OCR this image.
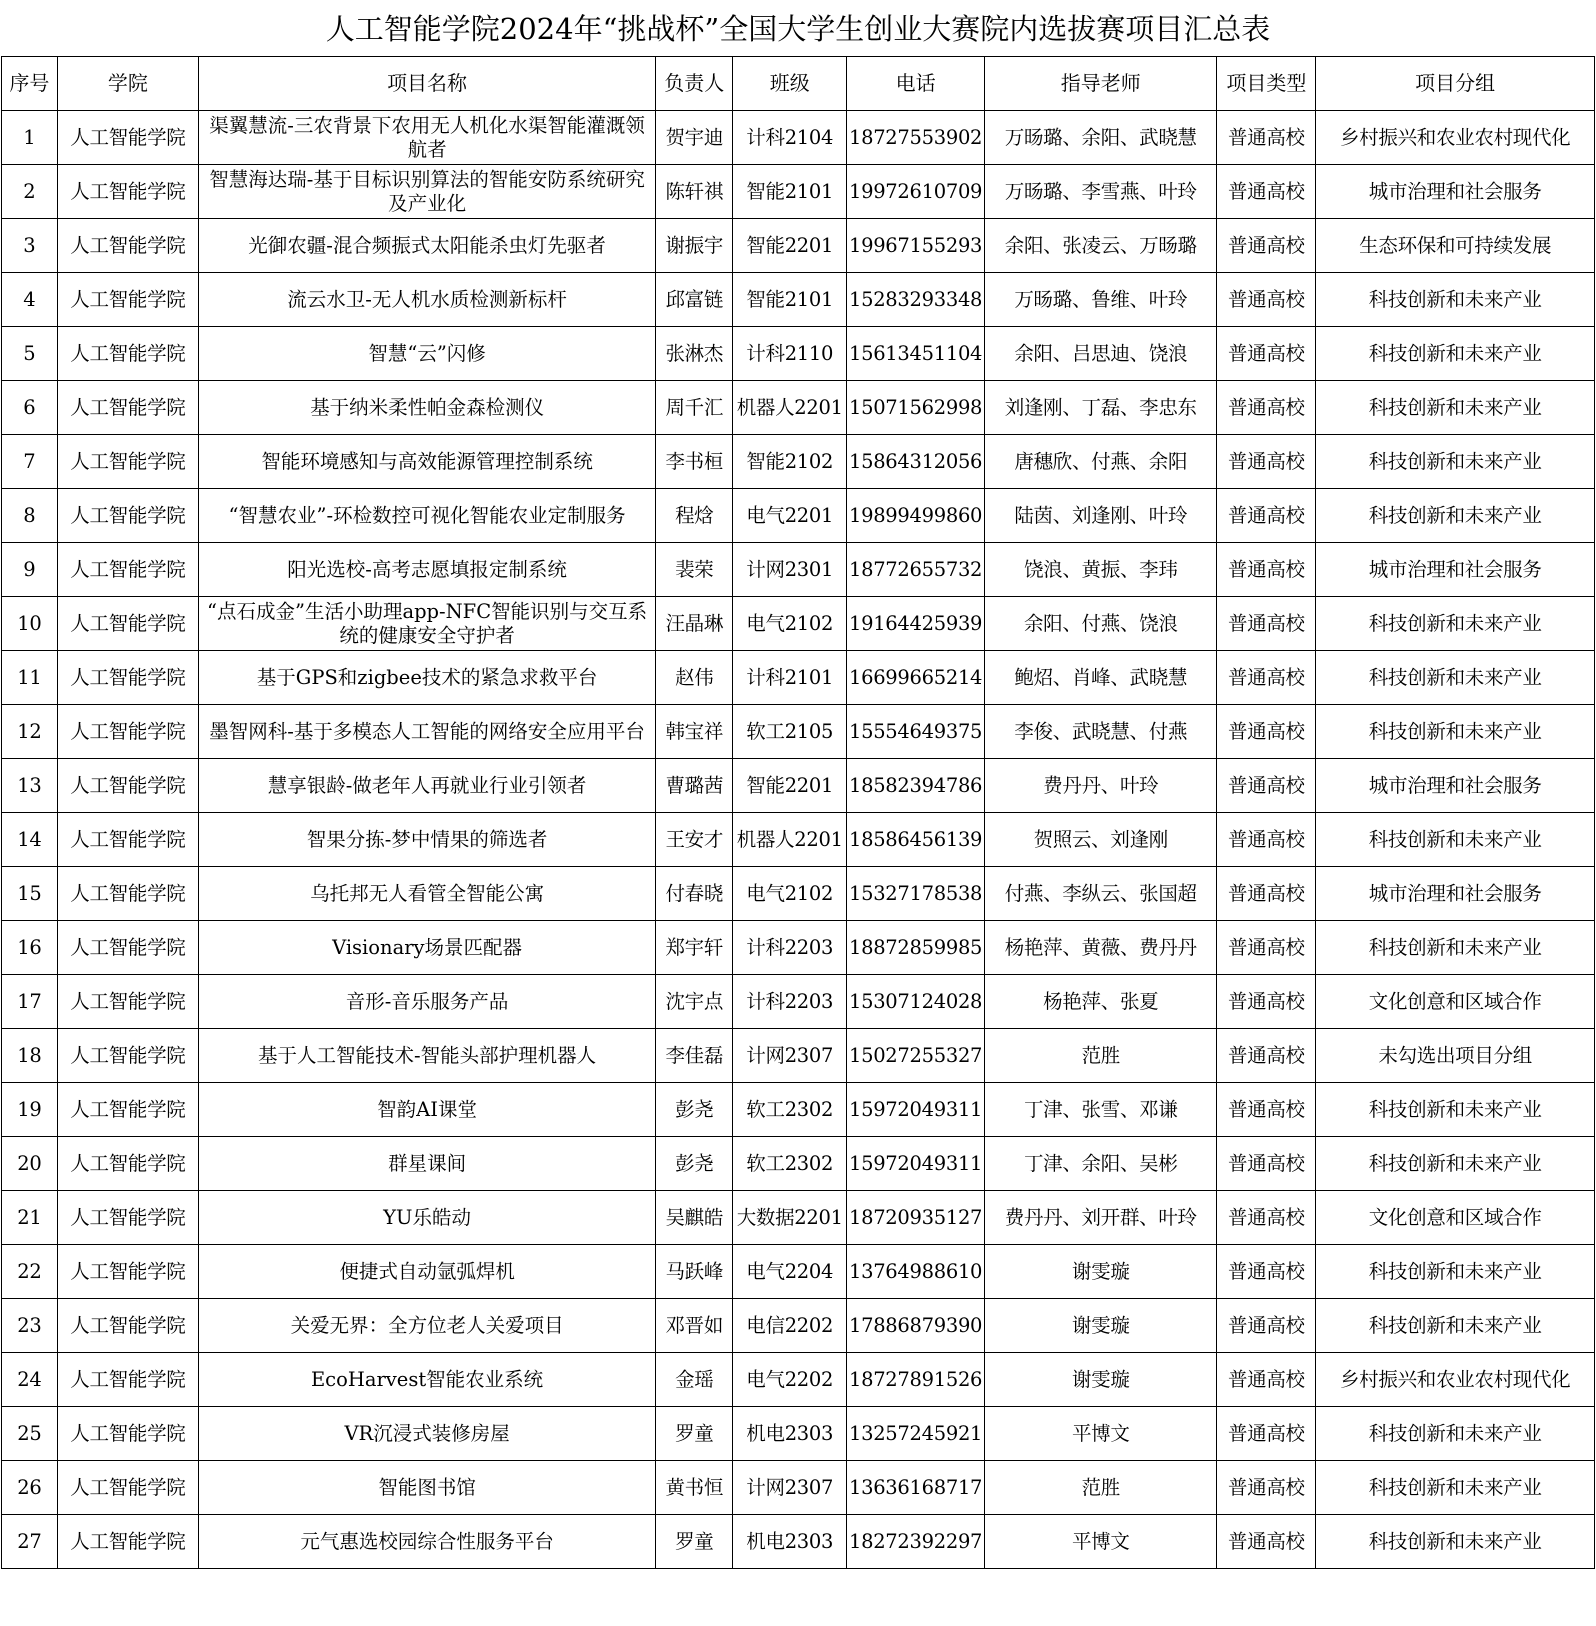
人工智能学院2024年“挑战杯”全国大学生创业大赛院内选拔赛项目汇总表
序号	学院	项目名称	负责人	班级	电话	指导老师	项目类型	项目分组
1	人工智能学院	渠翼慧流-三农背景下农用无人机化水渠智能灌溉领航者	贺宇迪	计科2104	18727553902	万旸璐、余阳、武晓慧	普通高校	乡村振兴和农业农村现代化
2	人工智能学院	智慧海达瑞-基于目标识别算法的智能安防系统研究及产业化	陈轩祺	智能2101	19972610709	万旸璐、李雪燕、叶玲	普通高校	城市治理和社会服务
3	人工智能学院	光御农疆-混合频振式太阳能杀虫灯先驱者	谢振宇	智能2201	19967155293	余阳、张凌云、万旸璐	普通高校	生态环保和可持续发展
4	人工智能学院	流云水卫-无人机水质检测新标杆	邱富链	智能2101	15283293348	万旸璐、鲁维、叶玲	普通高校	科技创新和未来产业
5	人工智能学院	智慧“云”闪修	张淋杰	计科2110	15613451104	余阳、吕思迪、饶浪	普通高校	科技创新和未来产业
6	人工智能学院	基于纳米柔性帕金森检测仪	周千汇	机器人2201	15071562998	刘逢刚、丁磊、李忠东	普通高校	科技创新和未来产业
7	人工智能学院	智能环境感知与高效能源管理控制系统	李书桓	智能2102	15864312056	唐穗欣、付燕、余阳	普通高校	科技创新和未来产业
8	人工智能学院	“智慧农业”-环检数控可视化智能农业定制服务	程焓	电气2201	19899499860	陆茵、刘逢刚、叶玲	普通高校	科技创新和未来产业
9	人工智能学院	阳光选校-高考志愿填报定制系统	裴荣	计网2301	18772655732	饶浪、黄振、李玮	普通高校	城市治理和社会服务
10	人工智能学院	“点石成金”生活小助理app-NFC智能识别与交互系统的健康安全守护者	汪晶琳	电气2102	19164425939	余阳、付燕、饶浪	普通高校	科技创新和未来产业
11	人工智能学院	基于GPS和zigbee技术的紧急求救平台	赵伟	计科2101	16699665214	鲍炤、肖峰、武晓慧	普通高校	科技创新和未来产业
12	人工智能学院	墨智网科-基于多模态人工智能的网络安全应用平台	韩宝祥	软工2105	15554649375	李俊、武晓慧、付燕	普通高校	科技创新和未来产业
13	人工智能学院	慧享银龄-做老年人再就业行业引领者	曹璐茜	智能2201	18582394786	费丹丹、叶玲	普通高校	城市治理和社会服务
14	人工智能学院	智果分拣-梦中情果的筛选者	王安才	机器人2201	18586456139	贺照云、刘逢刚	普通高校	科技创新和未来产业
15	人工智能学院	乌托邦无人看管全智能公寓	付春晓	电气2102	15327178538	付燕、李纵云、张国超	普通高校	城市治理和社会服务
16	人工智能学院	Visionary场景匹配器	郑宇轩	计科2203	18872859985	杨艳萍、黄薇、费丹丹	普通高校	科技创新和未来产业
17	人工智能学院	音形-音乐服务产品	沈宇点	计科2203	15307124028	杨艳萍、张夏	普通高校	文化创意和区域合作
18	人工智能学院	基于人工智能技术-智能头部护理机器人	李佳磊	计网2307	15027255327	范胜	普通高校	未勾选出项目分组
19	人工智能学院	智韵AI课堂	彭尧	软工2302	15972049311	丁津、张雪、邓谦	普通高校	科技创新和未来产业
20	人工智能学院	群星课间	彭尧	软工2302	15972049311	丁津、余阳、吴彬	普通高校	科技创新和未来产业
21	人工智能学院	YU乐皓动	吴麒皓	大数据2201	18720935127	费丹丹、刘开群、叶玲	普通高校	文化创意和区域合作
22	人工智能学院	便捷式自动氩弧焊机	马跃峰	电气2204	13764988610	谢雯璇	普通高校	科技创新和未来产业
23	人工智能学院	关爱无界：全方位老人关爱项目	邓晋如	电信2202	17886879390	谢雯璇	普通高校	科技创新和未来产业
24	人工智能学院	EcoHarvest智能农业系统	金瑶	电气2202	18727891526	谢雯璇	普通高校	乡村振兴和农业农村现代化
25	人工智能学院	VR沉浸式装修房屋	罗童	机电2303	13257245921	平博文	普通高校	科技创新和未来产业
26	人工智能学院	智能图书馆	黄书恒	计网2307	13636168717	范胜	普通高校	科技创新和未来产业
27	人工智能学院	元气惠选校园综合性服务平台	罗童	机电2303	18272392297	平博文	普通高校	科技创新和未来产业
